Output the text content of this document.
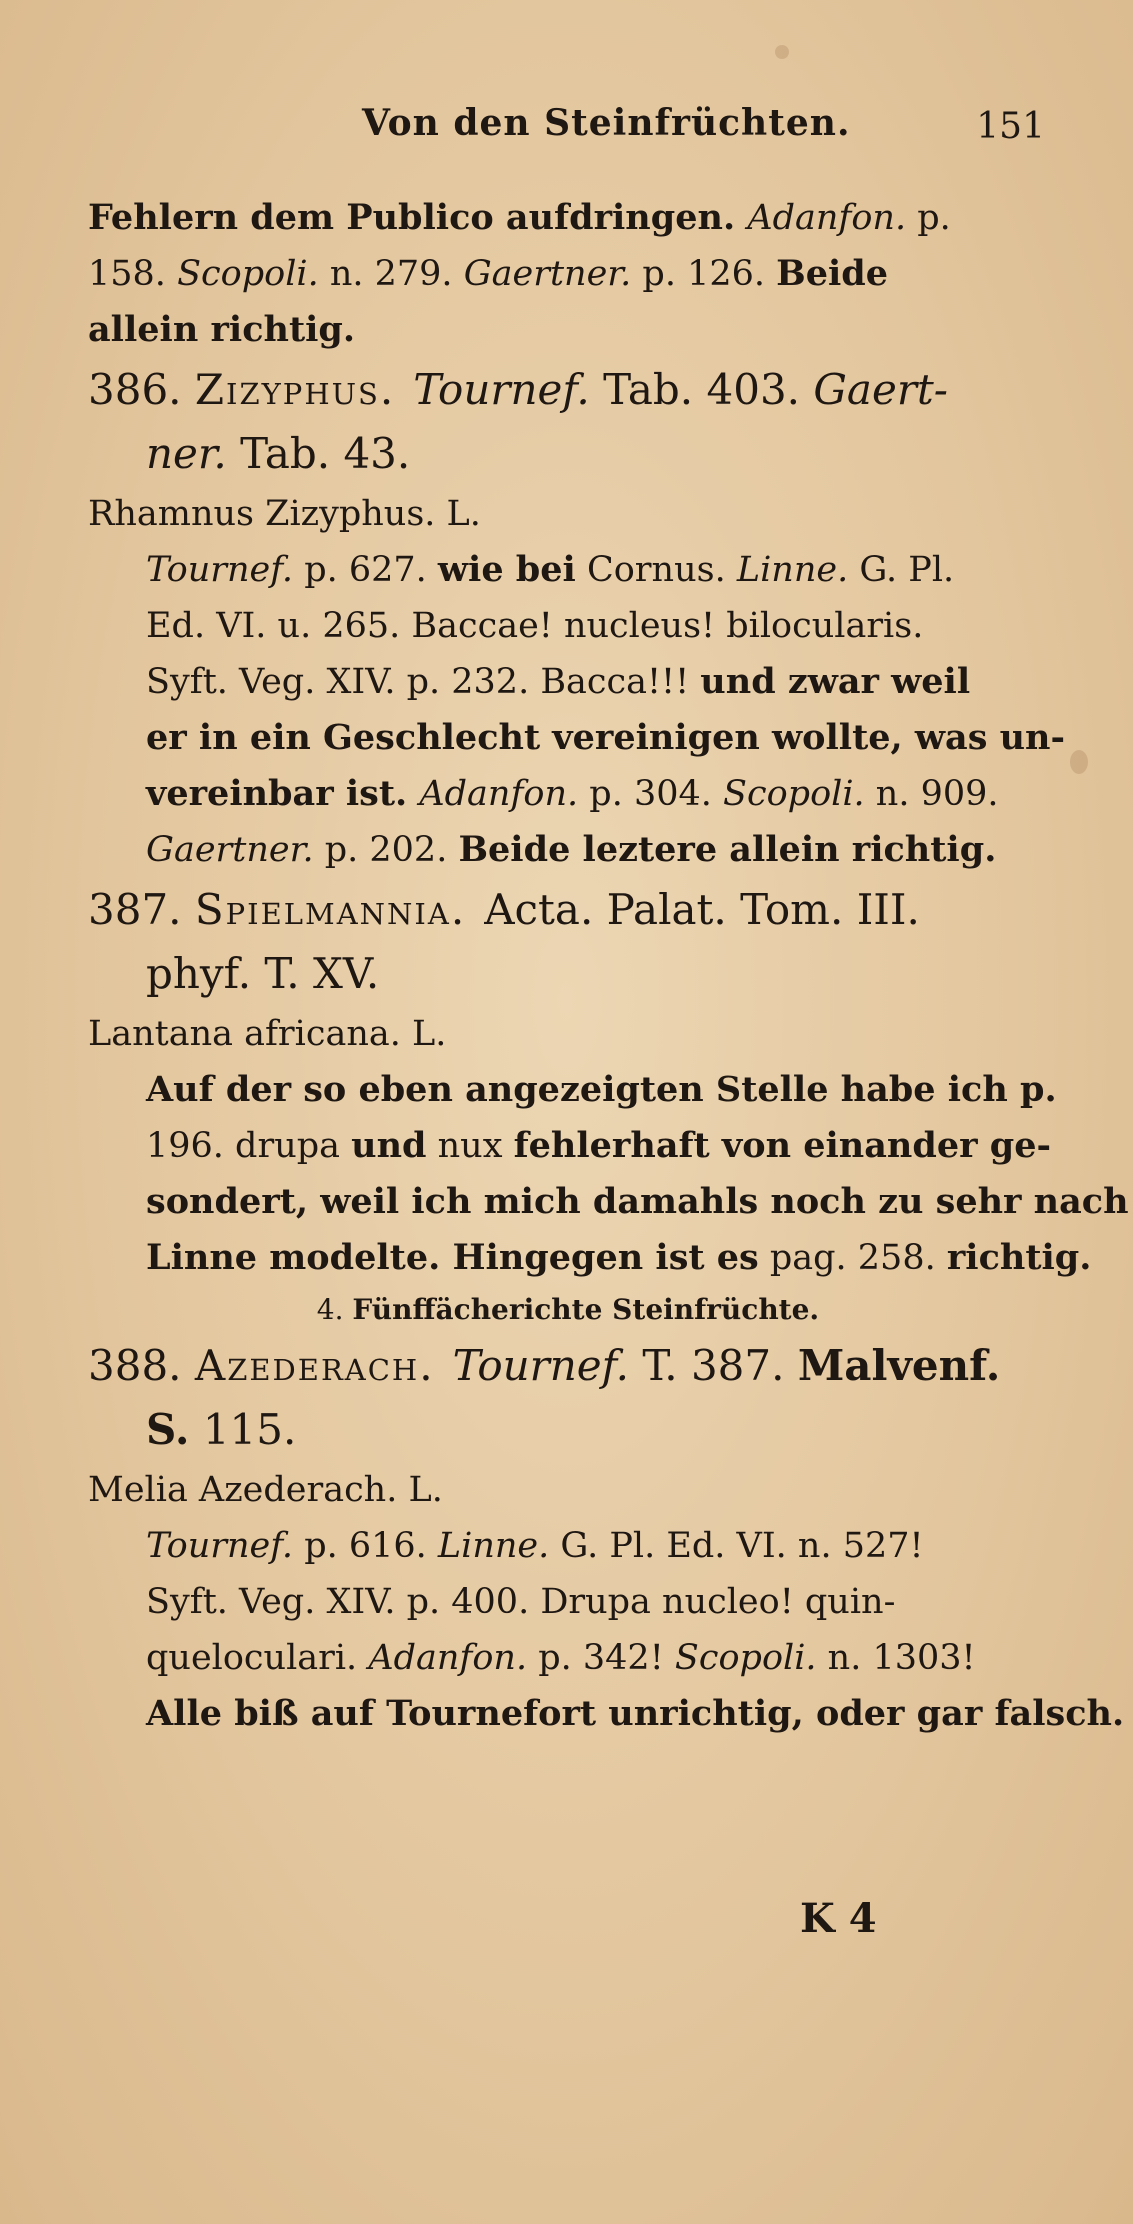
Von den Steinfrüchten.	151
Fehlern dem Publico aufdringen. Adanfon. p.
158. Scopoli. n. 279. Gaertner. p. 126. Beide
allein richtig.
386. Zizyphus. Tournef. Tab. 403. Gaert-
ner. Tab. 43.
Rhamnus Zizyphus. L.
Tournef. p. 627. wie bei Cornus. Linne. G. Pl.
Ed. VI. u. 265. Baccae! nucleus! bilocularis.
Syft. Veg. XIV. p. 232. Bacca!!! und zwar weil
er in ein Geschlecht vereinigen wollte, was un-
vereinbar ist. Adanfon. p. 304. Scopoli. n. 909.
Gaertner. p. 202. Beide leztere allein richtig.
387. Spielmannia. Acta. Palat. Tom. III.
phyf. T. XV.
Lantana africana. L.
Auf der so eben angezeigten Stelle habe ich p.
196. drupa und nux fehlerhaft von einander ge-
sondert, weil ich mich damahls noch zu sehr nach
Linne modelte. Hingegen ist es pag. 258. richtig.
4. Fünffächerichte Steinfrüchte.
388. Azederach. Tournef. T. 387. Malvenf.
S. 115.
Melia Azederach. L.
Tournef. p. 616. Linne. G. Pl. Ed. VI. n. 527!
Syft. Veg. XIV. p. 400. Drupa nucleo! quin-
queloculari. Adanfon. p. 342! Scopoli. n. 1303!
Alle biß auf Tournefort unrichtig, oder gar falsch.
K 4
